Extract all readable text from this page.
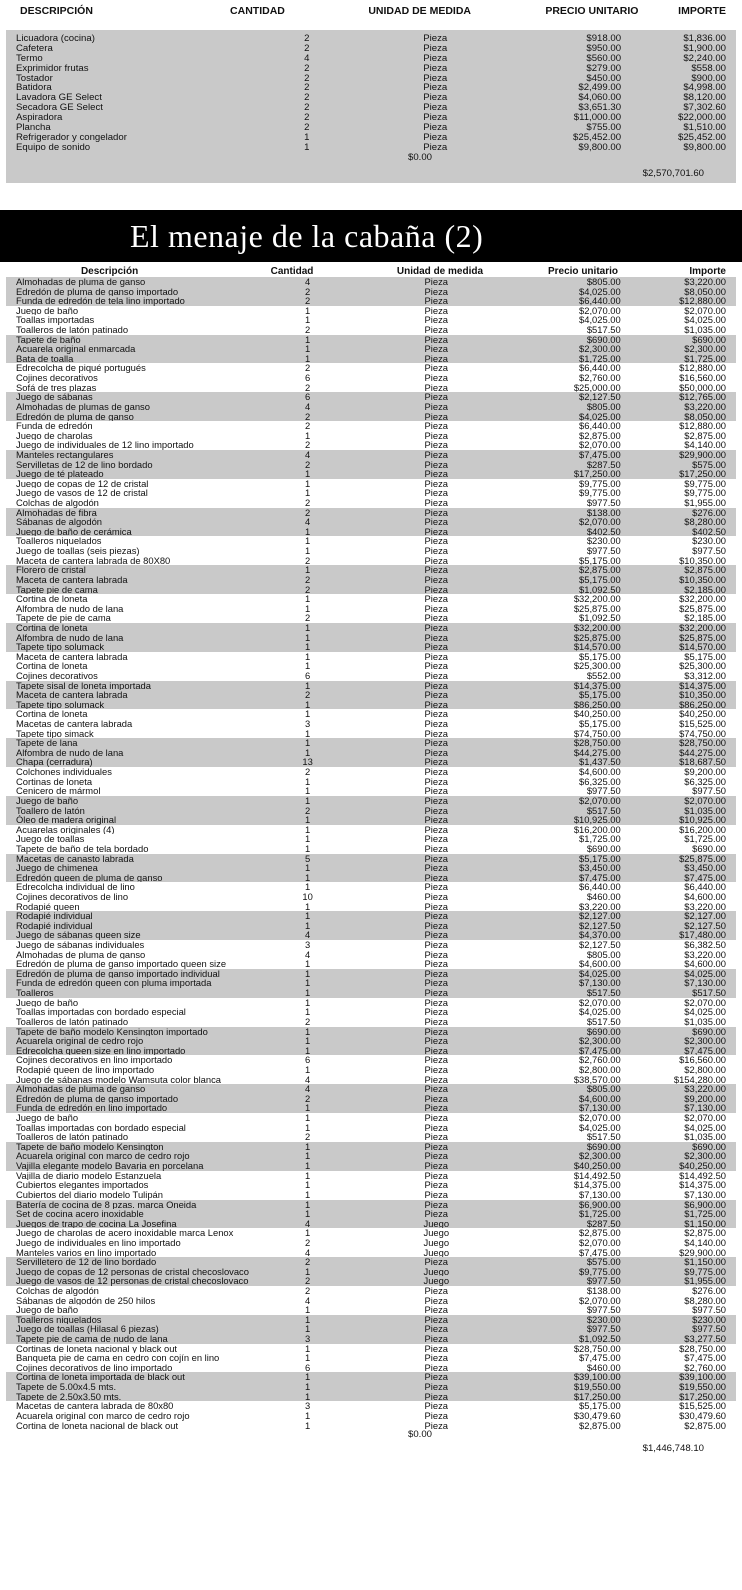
DESCRIPCIÓN	CANTIDAD	UNIDAD DE MEDIDA	PRECIO UNITARIO	IMPORTE
Licuadora (cocina)	2	Pieza	$918.00	$1,836.00
Cafetera	2	Pieza	$950.00	$1,900.00
Termo	4	Pieza	$560.00	$2,240.00
Exprimidor frutas	2	Pieza	$279.00	$558.00
Tostador	2	Pieza	$450.00	$900.00
Batidora	2	Pieza	$2,499.00	$4,998.00
Lavadora GE Select	2	Pieza	$4,060.00	$8,120.00
Secadora GE Select	2	Pieza	$3,651.30	$7,302.60
Aspiradora	2	Pieza	$11,000.00	$22,000.00
Plancha	2	Pieza	$755.00	$1,510.00
Refrigerador y congelador	1	Pieza	$25,452.00	$25,452.00
Equipo de sonido	1	Pieza	$9,800.00	$9,800.00
$0.00
$2,570,701.60
El menaje de la cabaña (2)
Descripción	Cantidad	Unidad de medida	Precio unitario	Importe
Almohadas de pluma de ganso	4	Pieza	$805.00	$3,220.00
Edredón de pluma de ganso importado	2	Pieza	$4,025.00	$8,050.00
Funda de edredón de tela lino importado	2	Pieza	$6,440.00	$12,880.00
Juego de baño	1	Pieza	$2,070.00	$2,070.00
Toallas importadas	1	Pieza	$4,025.00	$4,025.00
Toalleros de latón patinado	2	Pieza	$517.50	$1,035.00
Tapete de baño	1	Pieza	$690.00	$690.00
Acuarela original enmarcada	1	Pieza	$2,300.00	$2,300.00
Bata de toalla	1	Pieza	$1,725.00	$1,725.00
Edrecolcha de piqué portugués	2	Pieza	$6,440.00	$12,880.00
Cojines decorativos	6	Pieza	$2,760.00	$16,560.00
Sofá de tres plazas	2	Pieza	$25,000.00	$50,000.00
Juego de sábanas	6	Pieza	$2,127.50	$12,765.00
Almohadas de plumas de ganso	4	Pieza	$805.00	$3,220.00
Edredón de pluma de ganso	2	Pieza	$4,025.00	$8,050.00
Funda de edredón	2	Pieza	$6,440.00	$12,880.00
Juego de charolas	1	Pieza	$2,875.00	$2,875.00
Juego de individuales de 12 lino importado	2	Pieza	$2,070.00	$4,140.00
Manteles rectangulares	4	Pieza	$7,475.00	$29,900.00
Servilletas de 12 de lino bordado	2	Pieza	$287.50	$575.00
Juego de té plateado	1	Pieza	$17,250.00	$17,250.00
Juego de copas de 12 de cristal	1	Pieza	$9,775.00	$9,775.00
Juego de vasos de 12 de cristal	1	Pieza	$9,775.00	$9,775.00
Colchas de algodón	2	Pieza	$977.50	$1,955.00
Almohadas de fibra	2	Pieza	$138.00	$276.00
Sábanas de algodón	4	Pieza	$2,070.00	$8,280.00
Juego de baño de cerámica	1	Pieza	$402.50	$402.50
Toalleros niquelados	1	Pieza	$230.00	$230.00
Juego de toallas (seis piezas)	1	Pieza	$977.50	$977.50
Maceta de cantera labrada de 80X80	2	Pieza	$5,175.00	$10,350.00
Florero de cristal	1	Pieza	$2,875.00	$2,875.00
Maceta de cantera labrada	2	Pieza	$5,175.00	$10,350.00
Tapete pie de cama	2	Pieza	$1,092.50	$2,185.00
Cortina de loneta	1	Pieza	$32,200.00	$32,200.00
Alfombra de nudo de lana	1	Pieza	$25,875.00	$25,875.00
Tapete de pie de cama	2	Pieza	$1,092.50	$2,185.00
Cortina de loneta	1	Pieza	$32,200.00	$32,200.00
Alfombra de nudo de lana	1	Pieza	$25,875.00	$25,875.00
Tapete tipo solumack	1	Pieza	$14,570.00	$14,570.00
Maceta de cantera labrada	1	Pieza	$5,175.00	$5,175.00
Cortina de loneta	1	Pieza	$25,300.00	$25,300.00
Cojines decorativos	6	Pieza	$552.00	$3,312.00
Tapete sisal de loneta importada	1	Pieza	$14,375.00	$14,375.00
Maceta de cantera labrada	2	Pieza	$5,175.00	$10,350.00
Tapete tipo solumack	1	Pieza	$86,250.00	$86,250.00
Cortina de loneta	1	Pieza	$40,250.00	$40,250.00
Macetas de cantera labrada	3	Pieza	$5,175.00	$15,525.00
Tapete tipo simack	1	Pieza	$74,750.00	$74,750.00
Tapete de lana	1	Pieza	$28,750.00	$28,750.00
Alfombra de nudo de lana	1	Pieza	$44,275.00	$44,275.00
Chapa (cerradura)	13	Pieza	$1,437.50	$18,687.50
Colchones individuales	2	Pieza	$4,600.00	$9,200.00
Cortinas de loneta	1	Pieza	$6,325.00	$6,325.00
Cenicero de mármol	1	Pieza	$977.50	$977.50
Juego de baño	1	Pieza	$2,070.00	$2,070.00
Toallero de latón	2	Pieza	$517.50	$1,035.00
Óleo de madera original	1	Pieza	$10,925.00	$10,925.00
Acuarelas originales (4)	1	Pieza	$16,200.00	$16,200.00
Juego de toallas	1	Pieza	$1,725.00	$1,725.00
Tapete de baño de tela bordado	1	Pieza	$690.00	$690.00
Macetas de canasto labrada	5	Pieza	$5,175.00	$25,875.00
Juego de chimenea	1	Pieza	$3,450.00	$3,450.00
Edredón queen de pluma de ganso	1	Pieza	$7,475.00	$7,475.00
Edrecolcha individual de lino	1	Pieza	$6,440.00	$6,440.00
Cojines decorativos de lino	10	Pieza	$460.00	$4,600.00
Rodapié queen	1	Pieza	$3,220.00	$3,220.00
Rodapié individual	1	Pieza	$2,127.00	$2,127.00
Rodapié individual	1	Pieza	$2,127.50	$2,127.50
Juego de sábanas queen size	4	Pieza	$4,370.00	$17,480.00
Juego de sábanas individuales	3	Pieza	$2,127.50	$6,382.50
Almohadas de pluma de ganso	4	Pieza	$805.00	$3,220.00
Edredón de pluma de ganso importado queen size	1	Pieza	$4,600.00	$4,600.00
Edredón de pluma de ganso importado individual	1	Pieza	$4,025.00	$4,025.00
Funda de edredón queen con pluma importada	1	Pieza	$7,130.00	$7,130.00
Toalleros	1	Pieza	$517.50	$517.50
Juego de baño	1	Pieza	$2,070.00	$2,070.00
Toallas importadas con bordado especial	1	Pieza	$4,025.00	$4,025.00
Toalleros de latón patinado	2	Pieza	$517.50	$1,035.00
Tapete de baño modelo Kensington importado	1	Pieza	$690.00	$690.00
Acuarela original de cedro rojo	1	Pieza	$2,300.00	$2,300.00
Edrecolcha queen size en lino importado	1	Pieza	$7,475.00	$7,475.00
Cojines decorativos en lino importado	6	Pieza	$2,760.00	$16,560.00
Rodapié queen de lino importado	1	Pieza	$2,800.00	$2,800.00
Juego de sábanas modelo Wamsuta color blanca	4	Pieza	$38,570.00	$154,280.00
Almohadas de pluma de ganso	4	Pieza	$805.00	$3,220.00
Edredón de pluma de ganso importado	2	Pieza	$4,600.00	$9,200.00
Funda de edredón en lino importado	1	Pieza	$7,130.00	$7,130.00
Juego de baño	1	Pieza	$2,070.00	$2,070.00
Toallas importadas con bordado especial	1	Pieza	$4,025.00	$4,025.00
Toalleros de latón patinado	2	Pieza	$517.50	$1,035.00
Tapete de baño modelo Kensington	1	Pieza	$690.00	$690.00
Acuarela original con marco de cedro rojo	1	Pieza	$2,300.00	$2,300.00
Vajilla elegante modelo Bavaria en porcelana	1	Pieza	$40,250.00	$40,250.00
Vajilla de diario modelo Estanzuela	1	Pieza	$14,492.50	$14,492.50
Cubiertos elegantes importados	1	Pieza	$14,375.00	$14,375.00
Cubiertos del diario modelo Tulipán	1	Pieza	$7,130.00	$7,130.00
Batería de cocina de 8 pzas. marca Oneida	1	Pieza	$6,900.00	$6,900.00
Set de cocina acero inoxidable	1	Pieza	$1,725.00	$1,725.00
Juegos de trapo de cocina La Josefina	4	Juego	$287.50	$1,150.00
Juego de charolas de acero inoxidable marca Lenox	1	Juego	$2,875.00	$2,875.00
Juego de individuales en lino importado	2	Juego	$2,070.00	$4,140.00
Manteles varios en lino importado	4	Juego	$7,475.00	$29,900.00
Servilletero de 12 de lino bordado	2	Pieza	$575.00	$1,150.00
Juego de copas de 12 personas de cristal checoslovaco	1	Juego	$9,775.00	$9,775.00
Juego de vasos de 12 personas de cristal checoslovaco	2	Juego	$977.50	$1,955.00
Colchas de algodón	2	Pieza	$138.00	$276.00
Sábanas de algodón de 250 hilos	4	Pieza	$2,070.00	$8,280.00
Juego de baño	1	Pieza	$977.50	$977.50
Toalleros niquelados	1	Pieza	$230.00	$230.00
Juego de toallas (Hilasal 6 piezas)	1	Pieza	$977.50	$977.50
Tapete pie de cama de nudo de lana	3	Pieza	$1,092.50	$3,277.50
Cortinas de loneta nacional y black out	1	Pieza	$28,750.00	$28,750.00
Banqueta pie de cama en cedro con cojín en lino	1	Pieza	$7,475.00	$7,475.00
Cojines decorativos de lino importado	6	Pieza	$460.00	$2,760.00
Cortina de loneta importada de black out	1	Pieza	$39,100.00	$39,100.00
Tapete de 5.00x4.5 mts.	1	Pieza	$19,550.00	$19,550.00
Tapete de 2.50x3.50 mts.	1	Pieza	$17,250.00	$17,250.00
Macetas de cantera labrada de 80x80	3	Pieza	$5,175.00	$15,525.00
Acuarela original con marco de cedro rojo	1	Pieza	$30,479.60	$30,479.60
Cortina de loneta nacional de black out	1	Pieza	$2,875.00	$2,875.00
$0.00
$1,446,748.10
